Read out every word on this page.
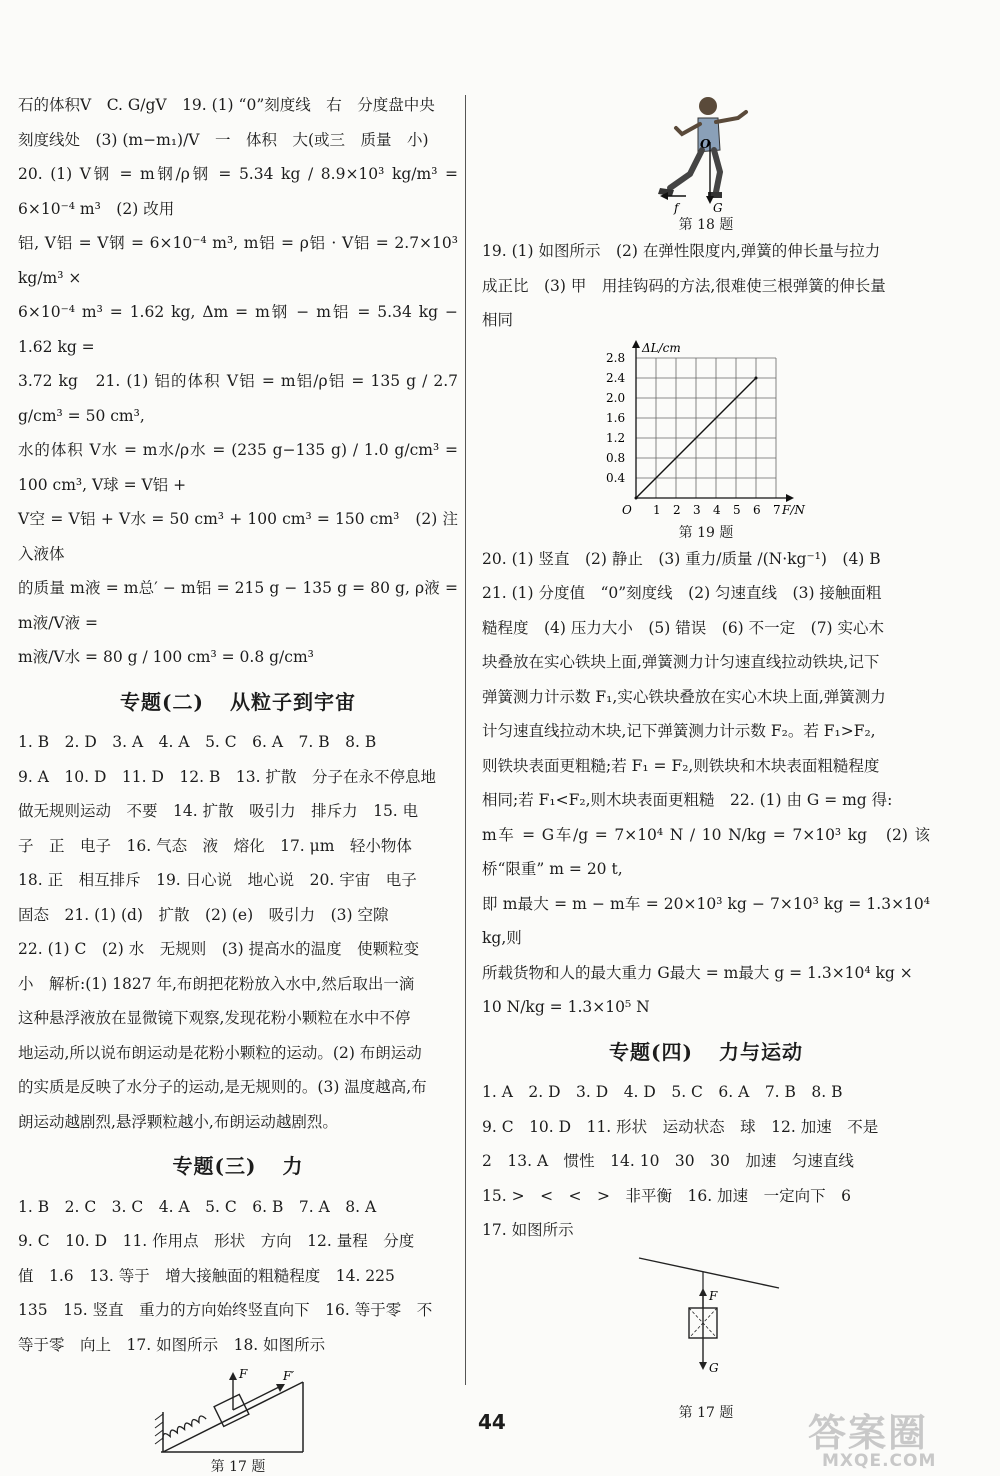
石的体积V　C. G/gV　19. (1) “0”刻度线　右　分度盘中央

刻度线处　(3) (m−m₁)/V　一　体积　大(或三　质量　小)

20. (1) V钢 = m钢/ρ钢 = 5.34 kg / 8.9×10³ kg/m³ = 6×10⁻⁴ m³　(2) 改用

铝, V铝 = V钢 = 6×10⁻⁴ m³, m铝 = ρ铝 · V铝 = 2.7×10³ kg/m³ ×

6×10⁻⁴ m³ = 1.62 kg, Δm = m钢 − m铝 = 5.34 kg − 1.62 kg =

3.72 kg　21. (1) 铝的体积 V铝 = m铝/ρ铝 = 135 g / 2.7 g/cm³ = 50 cm³,

水的体积 V水 = m水/ρ水 = (235 g−135 g) / 1.0 g/cm³ = 100 cm³, V球 = V铝 +

V空 = V铝 + V水 = 50 cm³ + 100 cm³ = 150 cm³　(2) 注入液体

的质量 m液 = m总′ − m铝 = 215 g − 135 g = 80 g, ρ液 = m液/V液 =

m液/V水 = 80 g / 100 cm³ = 0.8 g/cm³

专题(二) 从粒子到宇宙

1. B　2. D　3. A　4. A　5. C　6. A　7. B　8. B

9. A　10. D　11. D　12. B　13. 扩散　分子在永不停息地

做无规则运动　不要　14. 扩散　吸引力　排斥力　15. 电

子　正　电子　16. 气态　液　熔化　17. μm　轻小物体

18. 正　相互排斥　19. 日心说　地心说　20. 宇宙　电子

固态　21. (1) (d)　扩散　(2) (e)　吸引力　(3) 空隙

22. (1) C　(2) 水　无规则　(3) 提高水的温度　使颗粒变

小　解析:(1) 1827 年,布朗把花粉放入水中,然后取出一滴

这种悬浮液放在显微镜下观察,发现花粉小颗粒在水中不停

地运动,所以说布朗运动是花粉小颗粒的运动。(2) 布朗运动

的实质是反映了水分子的运动,是无规则的。(3) 温度越高,布

朗运动越剧烈,悬浮颗粒越小,布朗运动越剧烈。

专题(三) 力

1. B　2. C　3. C　4. A　5. C　6. B　7. A　8. A

9. C　10. D　11. 作用点　形状　方向　12. 量程　分度

值　1.6　13. 等于　增大接触面的粗糙程度　14. 225

135　15. 竖直　重力的方向始终竖直向下　16. 等于零　不

等于零　向上　17. 如图所示　18. 如图所示

F	F′
第 17 题
O
f	G
第 18 题

19. (1) 如图所示　(2) 在弹性限度内,弹簧的伸长量与拉力

成正比　(3) 甲　用挂钩码的方法,很难使三根弹簧的伸长量

相同

O 1 2 3 4 5 6 7
0.4
0.8
1.2
1.6
2.0
2.4
2.8
F/N
ΔL/cm
第 19 题

20. (1) 竖直　(2) 静止　(3) 重力/质量 /(N·kg⁻¹)　(4) B

21. (1) 分度值　“0”刻度线　(2) 匀速直线　(3) 接触面粗

糙程度　(4) 压力大小　(5) 错误　(6) 不一定　(7) 实心木

块叠放在实心铁块上面,弹簧测力计匀速直线拉动铁块,记下

弹簧测力计示数 F₁,实心铁块叠放在实心木块上面,弹簧测力

计匀速直线拉动木块,记下弹簧测力计示数 F₂。若 F₁>F₂,

则铁块表面更粗糙;若 F₁ = F₂,则铁块和木块表面粗糙程度

相同;若 F₁<F₂,则木块表面更粗糙　22. (1) 由 G = mg 得:

m车 = G车/g = 7×10⁴ N / 10 N/kg = 7×10³ kg　(2) 该桥“限重” m = 20 t,

即 m最大 = m − m车 = 20×10³ kg − 7×10³ kg = 1.3×10⁴ kg,则

所载货物和人的最大重力 G最大 = m最大 g = 1.3×10⁴ kg ×

10 N/kg = 1.3×10⁵ N

专题(四) 力与运动

1. A　2. D　3. D　4. D　5. C　6. A　7. B　8. B

9. C　10. D　11. 形状　运动状态　球　12. 加速　不是

2　13. A　惯性　14. 10　30　30　加速　匀速直线

15. >　<　<　>　非平衡　16. 加速　一定向下　6

17. 如图所示

F
G
第 17 题
44	答案圈
MXQE.COM
